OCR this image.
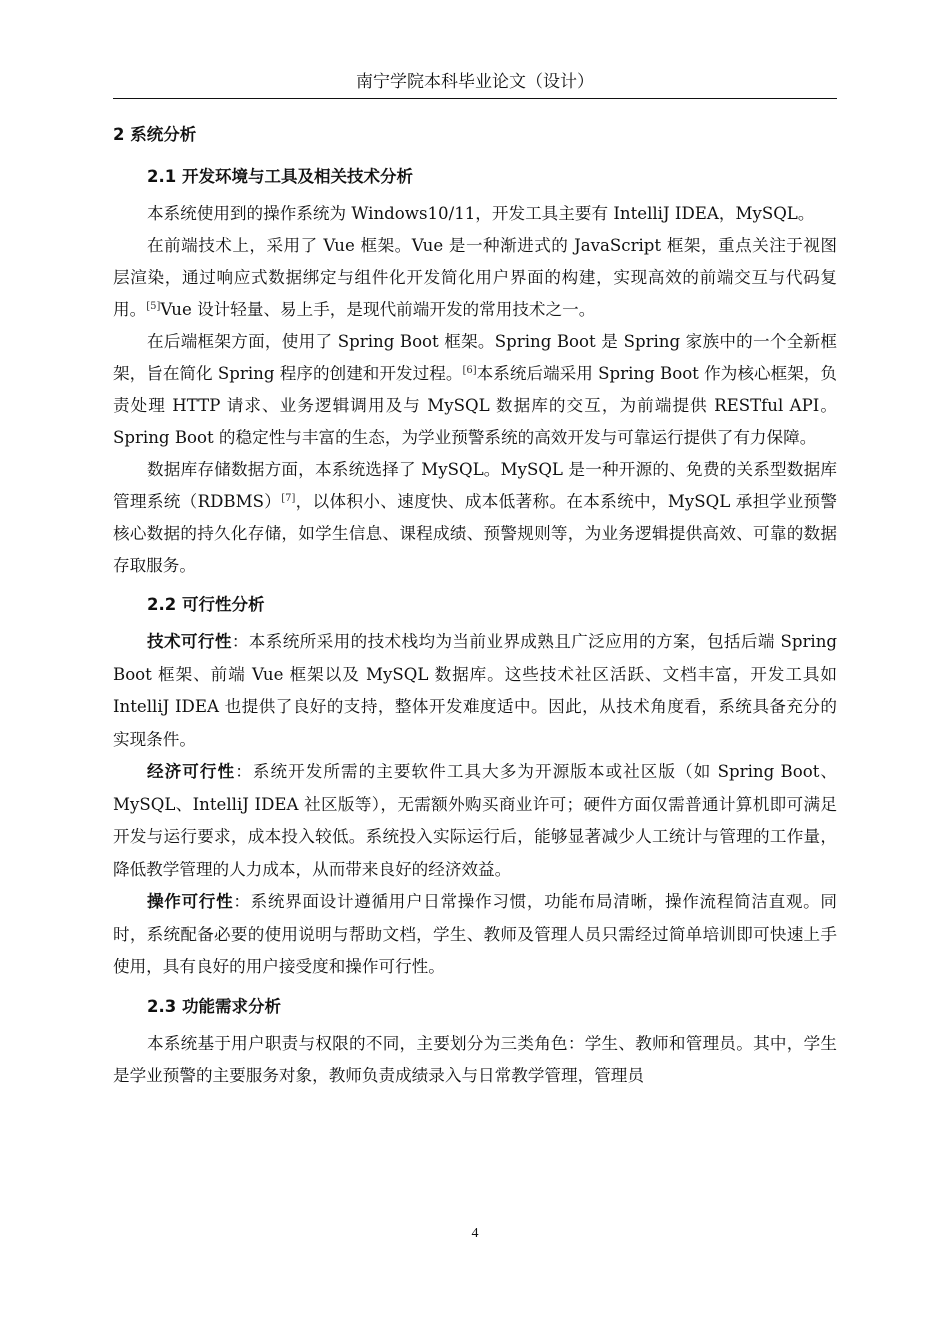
南宁学院本科毕业论文（设计）
2 系统分析
2.1 开发环境与工具及相关技术分析

本系统使用到的操作系统为 Windows10/11，开发工具主要有 IntelliJ IDEA，MySQL。

在前端技术上，采用了 Vue 框架。Vue 是一种渐进式的 JavaScript 框架，重点关注于视图层渲染，通过响应式数据绑定与组件化开发简化用户界面的构建，实现高效的前端交互与代码复用。[5]Vue 设计轻量、易上手，是现代前端开发的常用技术之一。

在后端框架方面，使用了 Spring Boot 框架。Spring Boot 是 Spring 家族中的一个全新框架，旨在简化 Spring 程序的创建和开发过程。[6]本系统后端采用 Spring Boot 作为核心框架，负责处理 HTTP 请求、业务逻辑调用及与 MySQL 数据库的交互，为前端提供 RESTful API。Spring Boot 的稳定性与丰富的生态，为学业预警系统的高效开发与可靠运行提供了有力保障。

数据库存储数据方面，本系统选择了 MySQL。MySQL 是一种开源的、免费的关系型数据库管理系统（RDBMS）[7]，以体积小、速度快、成本低著称。在本系统中，MySQL 承担学业预警核心数据的持久化存储，如学生信息、课程成绩、预警规则等，为业务逻辑提供高效、可靠的数据存取服务。

2.2 可行性分析

技术可行性：本系统所采用的技术栈均为当前业界成熟且广泛应用的方案，包括后端 Spring Boot 框架、前端 Vue 框架以及 MySQL 数据库。这些技术社区活跃、文档丰富，开发工具如 IntelliJ IDEA 也提供了良好的支持，整体开发难度适中。因此，从技术角度看，系统具备充分的实现条件。

经济可行性：系统开发所需的主要软件工具大多为开源版本或社区版（如 Spring Boot、MySQL、IntelliJ IDEA 社区版等），无需额外购买商业许可；硬件方面仅需普通计算机即可满足开发与运行要求，成本投入较低。系统投入实际运行后，能够显著减少人工统计与管理的工作量，降低教学管理的人力成本，从而带来良好的经济效益。

操作可行性：系统界面设计遵循用户日常操作习惯，功能布局清晰，操作流程简洁直观。同时，系统配备必要的使用说明与帮助文档，学生、教师及管理人员只需经过简单培训即可快速上手使用，具有良好的用户接受度和操作可行性。

2.3 功能需求分析

本系统基于用户职责与权限的不同，主要划分为三类角色：学生、教师和管理员。其中，学生是学业预警的主要服务对象，教师负责成绩录入与日常教学管理，管理员

4
